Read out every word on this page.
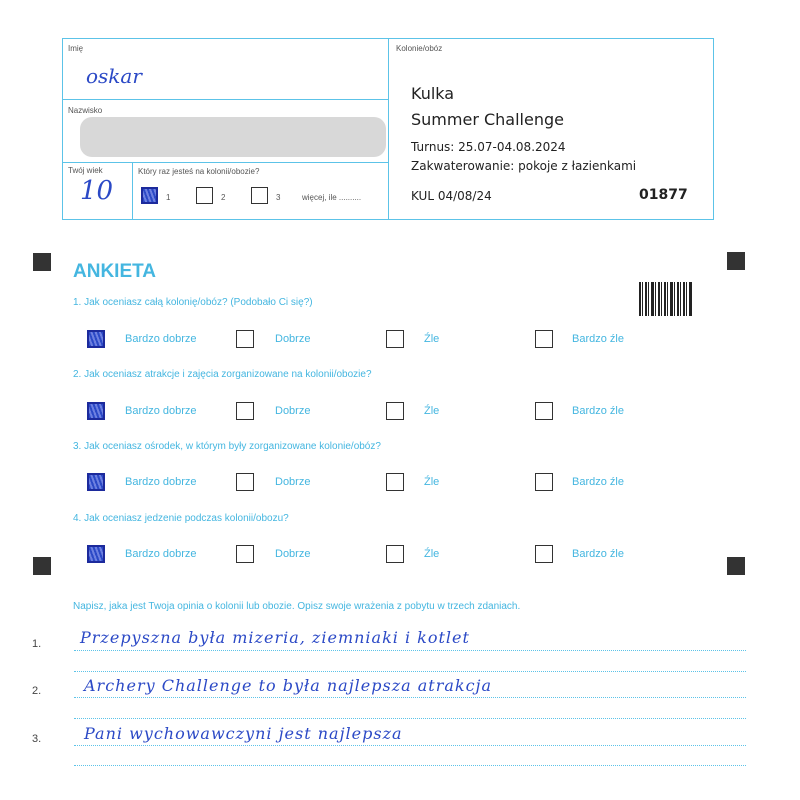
Imię
oskar
Nazwisko
Twój wiek
10
Który raz jesteś na kolonii/obozie?
1	2	3	więcej, ile ..........
Kolonie/obóz
Kulka
Summer Challenge
Turnus: 25.07-04.08.2024
Zakwaterowanie: pokoje z łazienkami
KUL 04/08/24	01877
ANKIETA
1. Jak oceniasz całą kolonię/obóz? (Podobało Ci się?)
Bardzo dobrze	Dobrze	Źle	Bardzo źle
2. Jak oceniasz atrakcje i zajęcia zorganizowane na kolonii/obozie?
Bardzo dobrze	Dobrze	Źle	Bardzo źle
3. Jak oceniasz ośrodek, w którym były zorganizowane kolonie/obóz?
Bardzo dobrze	Dobrze	Źle	Bardzo źle
4. Jak oceniasz jedzenie podczas kolonii/obozu?
Bardzo dobrze	Dobrze	Źle	Bardzo źle
Napisz, jaka jest Twoja opinia o kolonii lub obozie. Opisz swoje wrażenia z pobytu w trzech zdaniach.
1. Przepyszna była mizeria, ziemniaki i kotlet
2.	Archery Challenge to była najlepsza atrakcja
3.	Pani wychowawczyni jest najlepsza
